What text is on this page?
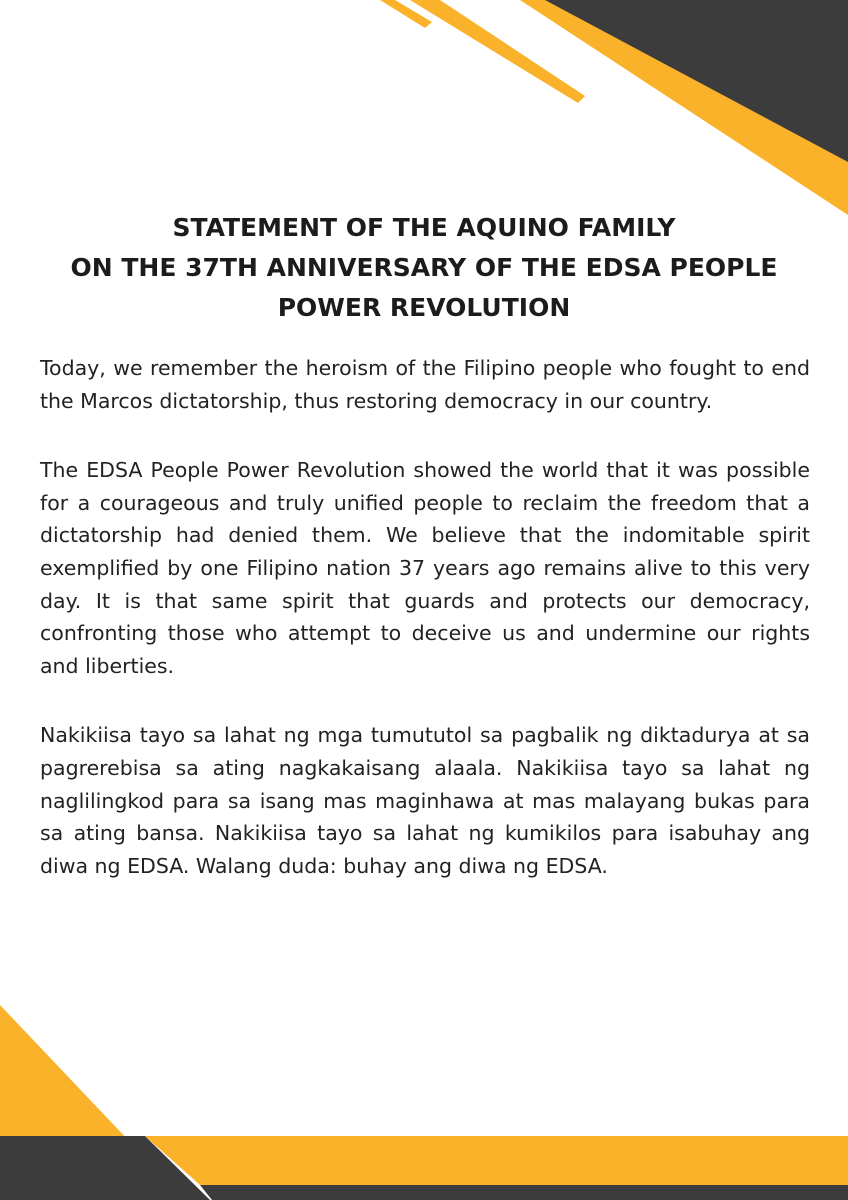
STATEMENT OF THE AQUINO FAMILY
ON THE 37TH ANNIVERSARY OF THE EDSA PEOPLE
POWER REVOLUTION

Today, we remember the heroism of the Filipino people who fought to end the Marcos dictatorship, thus restoring democracy in our country.

The EDSA People Power Revolution showed the world that it was possible for a courageous and truly unified people to reclaim the freedom that a dictatorship had denied them. We believe that the indomitable spirit exemplified by one Filipino nation 37 years ago remains alive to this very day. It is that same spirit that guards and protects our democracy, confronting those who attempt to deceive us and undermine our rights and liberties.

Nakikiisa tayo sa lahat ng mga tumututol sa pagbalik ng diktadurya at sa pagrerebisa sa ating nagkakaisang alaala. Nakikiisa tayo sa lahat ng naglilingkod para sa isang mas maginhawa at mas malayang bukas para sa ating bansa. Nakikiisa tayo sa lahat ng kumikilos para isabuhay ang diwa ng EDSA. Walang duda: buhay ang diwa ng EDSA.
